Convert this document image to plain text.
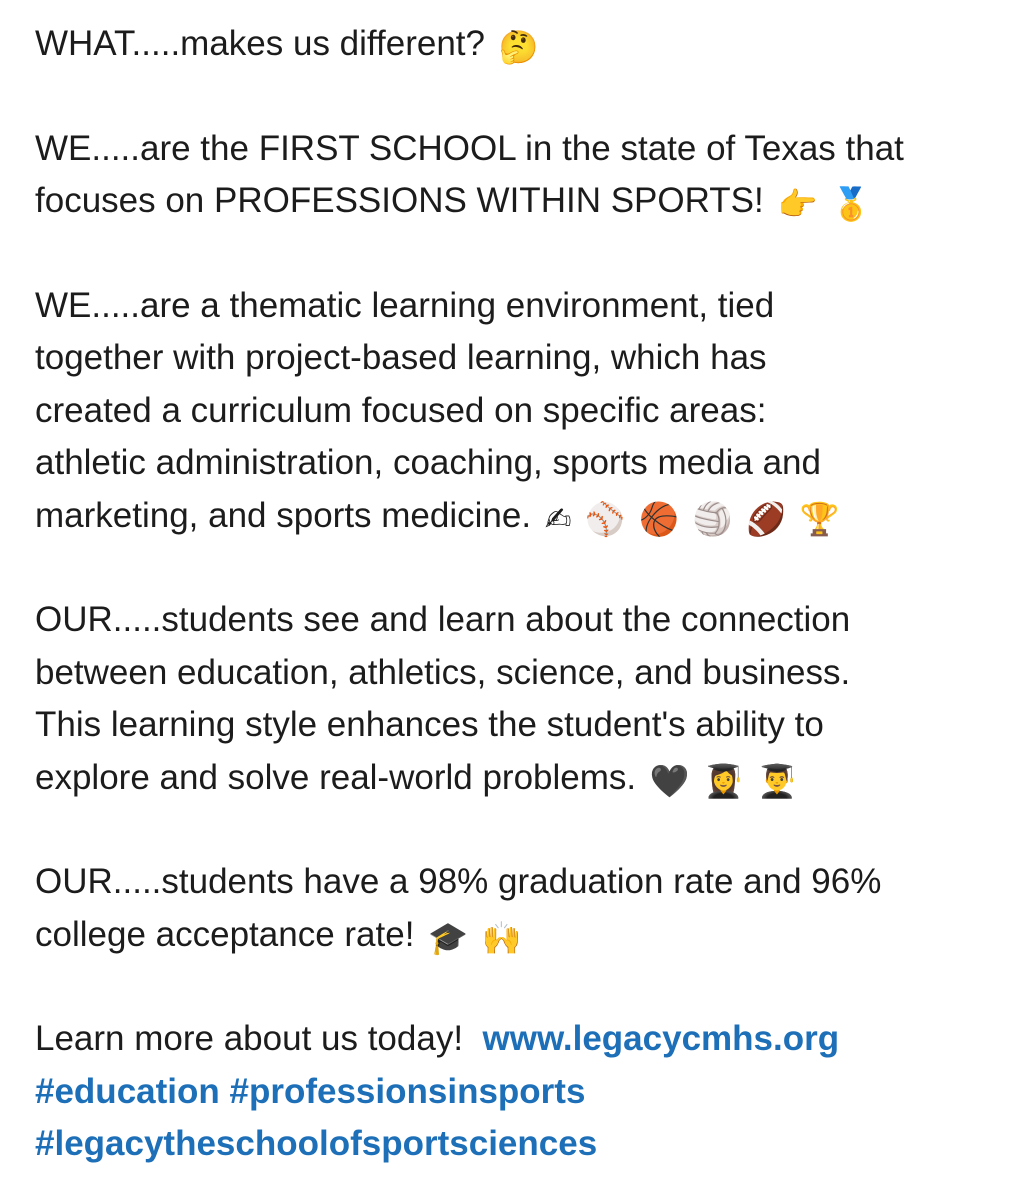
WHAT.....makes us different? 🤔

WE.....are the FIRST SCHOOL in the state of Texas that
focuses on PROFESSIONS WITHIN SPORTS! 👉 🥇

WE.....are a thematic learning environment, tied
together with project-based learning, which has
created a curriculum focused on specific areas:
athletic administration, coaching, sports media and
marketing, and sports medicine. ✍ ⚾ 🏀 🏐 🏈 🏆

OUR.....students see and learn about the connection
between education, athletics, science, and business.
This learning style enhances the student's ability to
explore and solve real-world problems. 🖤 👩‍🎓 👨‍🎓

OUR.....students have a 98% graduation rate and 96%
college acceptance rate! 🎓 🙌

Learn more about us today! www.legacycmhs.org
#education #professionsinsports
#legacytheschoolofsportsciences
